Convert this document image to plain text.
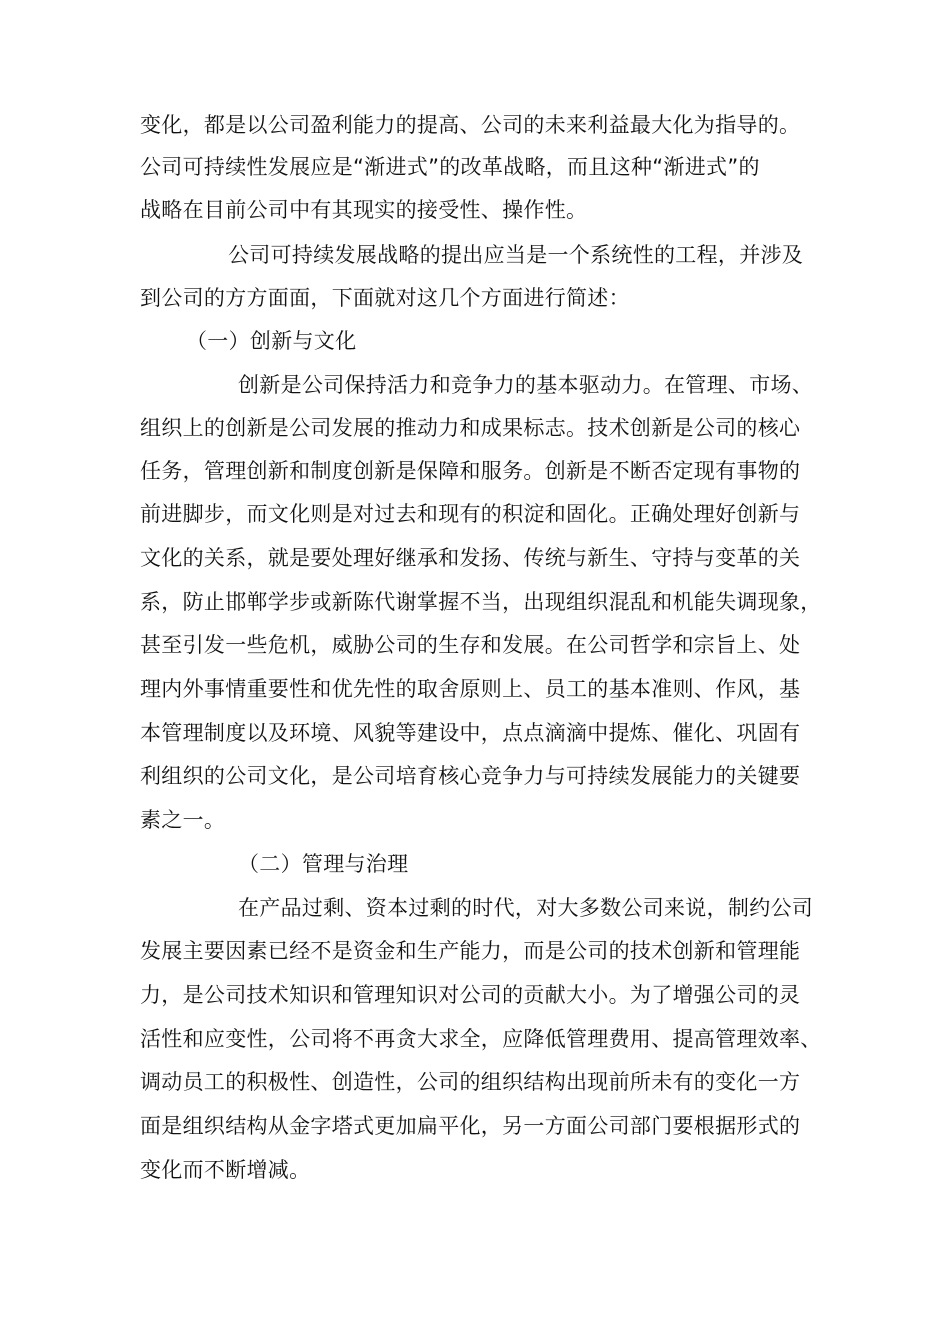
变化，都是以公司盈利能力的提高、公司的未来利益最大化为指导的。
公司可持续性发展应是“渐进式”的改革战略，而且这种“渐进式”的
战略在目前公司中有其现实的接受性、操作性。
公司可持续发展战略的提出应当是一个系统性的工程，并涉及
到公司的方方面面，下面就对这几个方面进行简述：
（一）创新与文化
创新是公司保持活力和竞争力的基本驱动力。在管理、市场、
组织上的创新是公司发展的推动力和成果标志。技术创新是公司的核心
任务，管理创新和制度创新是保障和服务。创新是不断否定现有事物的
前进脚步，而文化则是对过去和现有的积淀和固化。正确处理好创新与
文化的关系，就是要处理好继承和发扬、传统与新生、守持与变革的关
系，防止邯郸学步或新陈代谢掌握不当，出现组织混乱和机能失调现象，
甚至引发一些危机，威胁公司的生存和发展。在公司哲学和宗旨上、处
理内外事情重要性和优先性的取舍原则上、员工的基本准则、作风，基
本管理制度以及环境、风貌等建设中，点点滴滴中提炼、催化、巩固有
利组织的公司文化，是公司培育核心竞争力与可持续发展能力的关键要
素之一。
（二）管理与治理
在产品过剩、资本过剩的时代，对大多数公司来说，制约公司
发展主要因素已经不是资金和生产能力，而是公司的技术创新和管理能
力，是公司技术知识和管理知识对公司的贡献大小。为了增强公司的灵
活性和应变性，公司将不再贪大求全，应降低管理费用、提高管理效率、
调动员工的积极性、创造性，公司的组织结构出现前所未有的变化一方
面是组织结构从金字塔式更加扁平化，另一方面公司部门要根据形式的
变化而不断增减。
